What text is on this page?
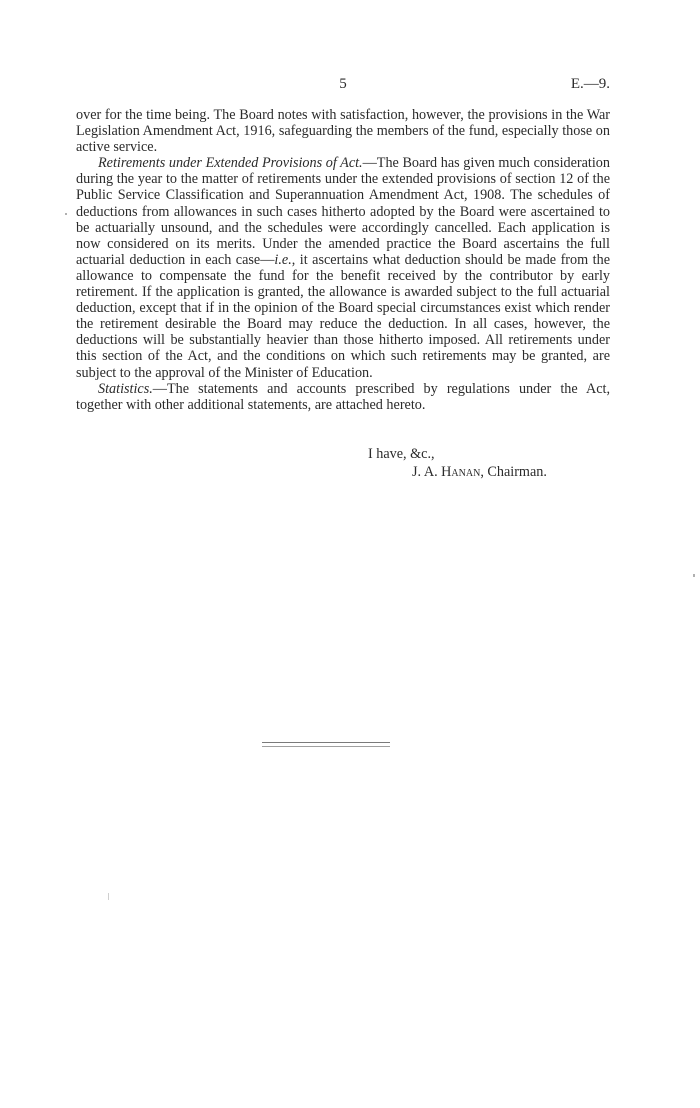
5	E.—9.

over for the time being. The Board notes with satisfaction, however, the provisions in the War Legislation Amendment Act, 1916, safeguarding the members of the fund, especially those on active service.

Retirements under Extended Provisions of Act.—The Board has given much consideration during the year to the matter of retirements under the extended provisions of section 12 of the Public Service Classification and Superannuation Amendment Act, 1908. The schedules of deductions from allowances in such cases hitherto adopted by the Board were ascertained to be actuarially unsound, and the schedules were accordingly cancelled. Each application is now considered on its merits. Under the amended practice the Board ascertains the full actuarial deduction in each case—i.e., it ascertains what deduction should be made from the allowance to compensate the fund for the benefit received by the contributor by early retirement. If the application is granted, the allowance is awarded subject to the full actuarial deduction, except that if in the opinion of the Board special circumstances exist which render the retirement desirable the Board may reduce the deduction. In all cases, however, the deductions will be substantially heavier than those hitherto imposed. All retirements under this section of the Act, and the conditions on which such retirements may be granted, are subject to the approval of the Minister of Education.

Statistics.—The statements and accounts prescribed by regulations under the Act, together with other additional statements, are attached hereto.

I have, &c.,
J. A. Hanan, Chairman.
